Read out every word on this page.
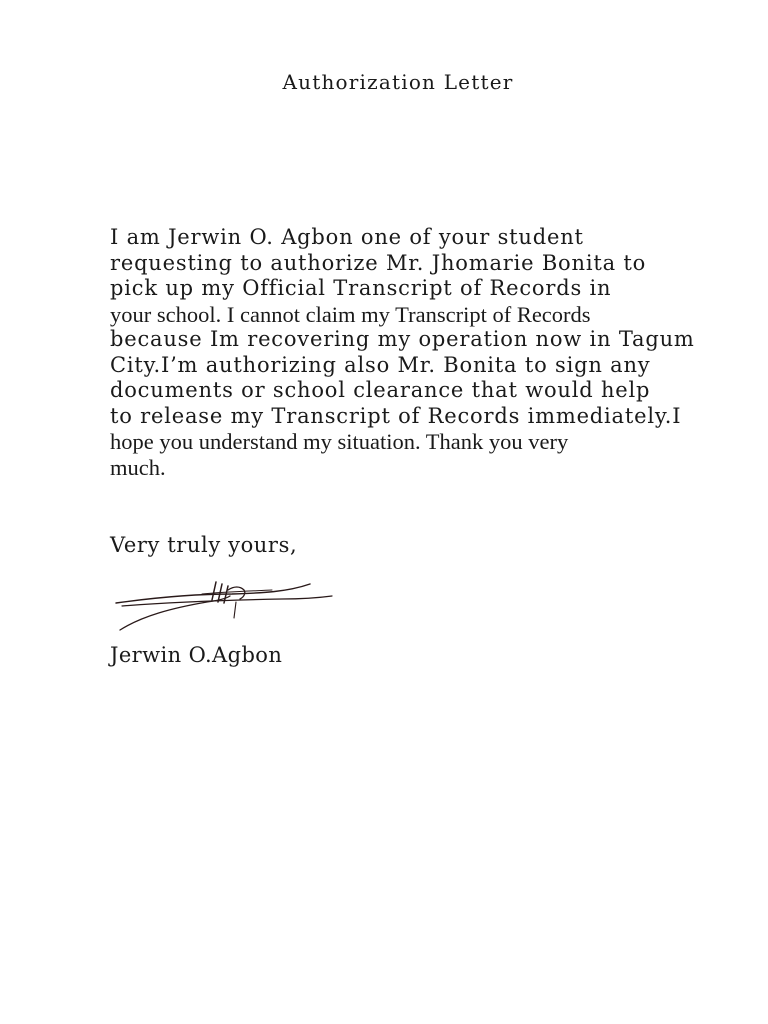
Authorization Letter
I am Jerwin O. Agbon one of your student
requesting to authorize Mr. Jhomarie Bonita to
pick up my Official Transcript of Records in
your school. I cannot claim my Transcript of Records
because Im recovering my operation now in Tagum
City.I’m authorizing also Mr. Bonita to sign any
documents or school clearance that would help
to release my Transcript of Records immediately.I
hope you understand my situation. Thank you very
much.
Very truly yours,
Jerwin O.Agbon
